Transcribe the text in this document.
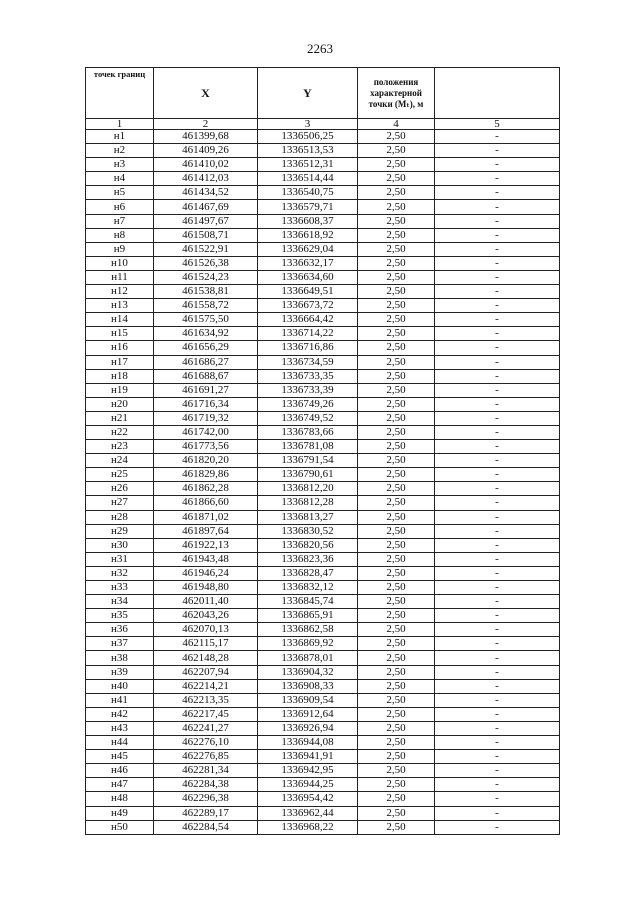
2263
точек границ	X	Y	положения характерной точки (Mₜ), м	
1	2	3	4	5
н1	461399,68	1336506,25	2,50	-
н2	461409,26	1336513,53	2,50	-
н3	461410,02	1336512,31	2,50	-
н4	461412,03	1336514,44	2,50	-
н5	461434,52	1336540,75	2,50	-
н6	461467,69	1336579,71	2,50	-
н7	461497,67	1336608,37	2,50	-
н8	461508,71	1336618,92	2,50	-
н9	461522,91	1336629,04	2,50	-
н10	461526,38	1336632,17	2,50	-
н11	461524,23	1336634,60	2,50	-
н12	461538,81	1336649,51	2,50	-
н13	461558,72	1336673,72	2,50	-
н14	461575,50	1336664,42	2,50	-
н15	461634,92	1336714,22	2,50	-
н16	461656,29	1336716,86	2,50	-
н17	461686,27	1336734,59	2,50	-
н18	461688,67	1336733,35	2,50	-
н19	461691,27	1336733,39	2,50	-
н20	461716,34	1336749,26	2,50	-
н21	461719,32	1336749,52	2,50	-
н22	461742,00	1336783,66	2,50	-
н23	461773,56	1336781,08	2,50	-
н24	461820,20	1336791,54	2,50	-
н25	461829,86	1336790,61	2,50	-
н26	461862,28	1336812,20	2,50	-
н27	461866,60	1336812,28	2,50	-
н28	461871,02	1336813,27	2,50	-
н29	461897,64	1336830,52	2,50	-
н30	461922,13	1336820,56	2,50	-
н31	461943,48	1336823,36	2,50	-
н32	461946,24	1336828,47	2,50	-
н33	461948,80	1336832,12	2,50	-
н34	462011,40	1336845,74	2,50	-
н35	462043,26	1336865,91	2,50	-
н36	462070,13	1336862,58	2,50	-
н37	462115,17	1336869,92	2,50	-
н38	462148,28	1336878,01	2,50	-
н39	462207,94	1336904,32	2,50	-
н40	462214,21	1336908,33	2,50	-
н41	462213,35	1336909,54	2,50	-
н42	462217,45	1336912,64	2,50	-
н43	462241,27	1336926,94	2,50	-
н44	462276,10	1336944,08	2,50	-
н45	462276,85	1336941,91	2,50	-
н46	462281,34	1336942,95	2,50	-
н47	462284,38	1336944,25	2,50	-
н48	462296,38	1336954,42	2,50	-
н49	462289,17	1336962,44	2,50	-
н50	462284,54	1336968,22	2,50	-
